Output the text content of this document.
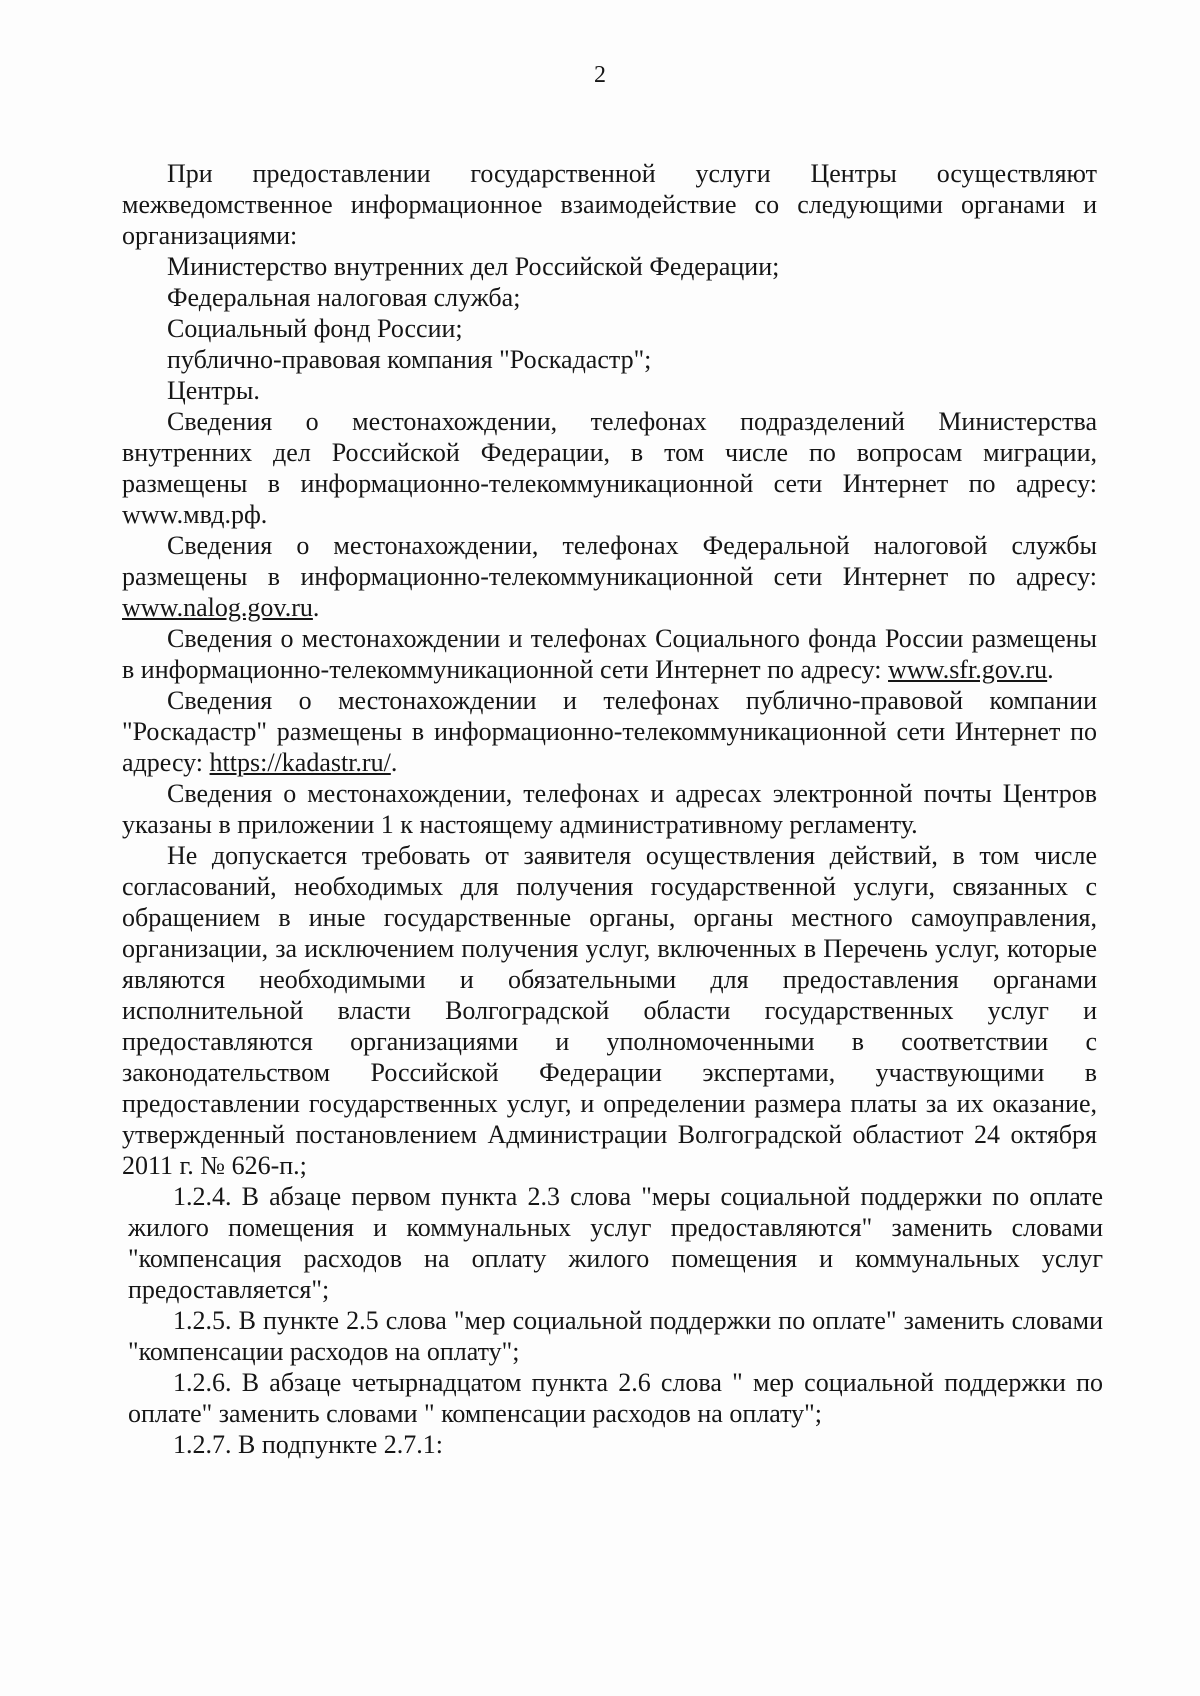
2

При предоставлении государственной услуги Центры осуществляют межведомственное информационное взаимодействие со следующими органами и организациями:

Министерство внутренних дел Российской Федерации;

Федеральная налоговая служба;

Социальный фонд России;

публично-правовая компания "Роскадастр";

Центры.

Сведения о местонахождении, телефонах подразделений Министерства внутренних дел Российской Федерации, в том числе по вопросам миграции, размещены в информационно-телекоммуникационной сети Интернет по адресу: www.мвд.рф.

Сведения о местонахождении, телефонах Федеральной налоговой службы размещены в информационно-телекоммуникационной сети Интернет по адресу: www.nalog.gov.ru.

Сведения о местонахождении и телефонах Социального фонда России размещены в информационно-телекоммуникационной сети Интернет по адресу: www.sfr.gov.ru.

Сведения о местонахождении и телефонах публично-правовой компании "Роскадастр" размещены в информационно-телекоммуникационной сети Интернет по адресу: https://kadastr.ru/.

Сведения о местонахождении, телефонах и адресах электронной почты Центров указаны в приложении 1 к настоящему административному регламенту.

Не допускается требовать от заявителя осуществления действий, в том числе согласований, необходимых для получения государственной услуги, связанных с обращением в иные государственные органы, органы местного самоуправления, организации, за исключением получения услуг, включенных в Перечень услуг, которые являются необходимыми и обязательными для предоставления органами исполнительной власти Волгоградской области государственных услуг и предоставляются организациями и уполномоченными в соответствии с законодательством Российской Федерации экспертами, участвующими в предоставлении государственных услуг, и определении размера платы за их оказание, утвержденный постановлением Администрации Волгоградской областиот 24 октября 2011 г. № 626-п.;

1.2.4. В абзаце первом пункта 2.3 слова "меры социальной поддержки по оплате жилого помещения и коммунальных услуг предоставляются" заменить словами "компенсация расходов на оплату жилого помещения и коммунальных услуг предоставляется";

1.2.5. В пункте 2.5 слова "мер социальной поддержки по оплате" заменить словами "компенсации расходов на оплату";

1.2.6. В абзаце четырнадцатом пункта 2.6 слова " мер социальной поддержки по оплате" заменить словами " компенсации расходов на оплату";

1.2.7. В подпункте 2.7.1:
